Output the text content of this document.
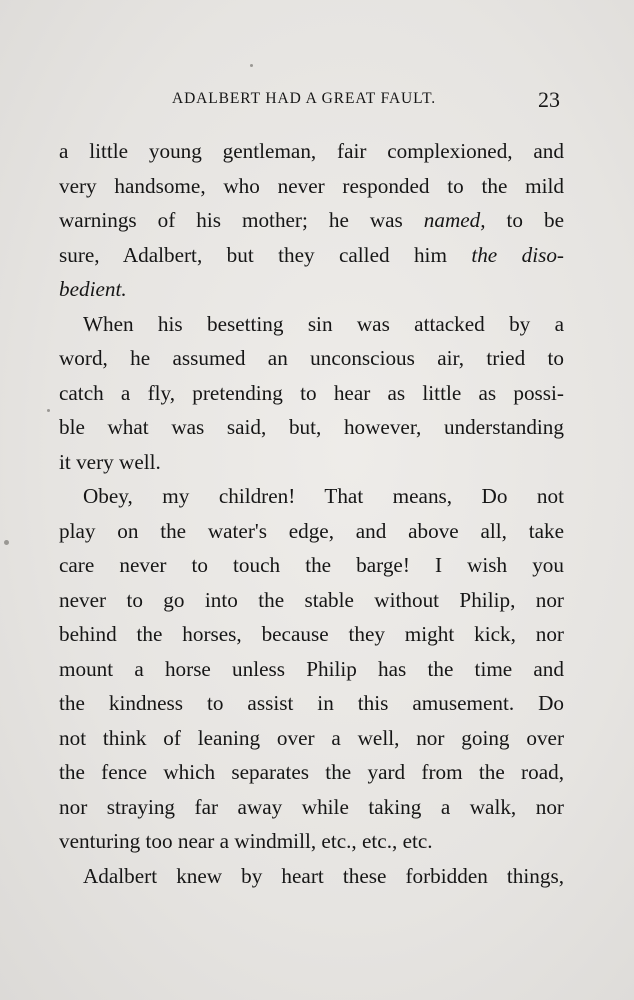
ADALBERT HAD A GREAT FAULT.	23
a little young gentleman, fair complexioned, and
very handsome, who never responded to the mild
warnings of his mother; he was named, to be
sure, Adalbert, but they called him the diso-
bedient.
When his besetting sin was attacked by a
word, he assumed an unconscious air, tried to
catch a fly, pretending to hear as little as possi-
ble what was said, but, however, understanding
it very well.
Obey, my children! That means, Do not
play on the water's edge, and above all, take
care never to touch the barge! I wish you
never to go into the stable without Philip, nor
behind the horses, because they might kick, nor
mount a horse unless Philip has the time and
the kindness to assist in this amusement. Do
not think of leaning over a well, nor going over
the fence which separates the yard from the road,
nor straying far away while taking a walk, nor
venturing too near a windmill, etc., etc., etc.
Adalbert knew by heart these forbidden things,
